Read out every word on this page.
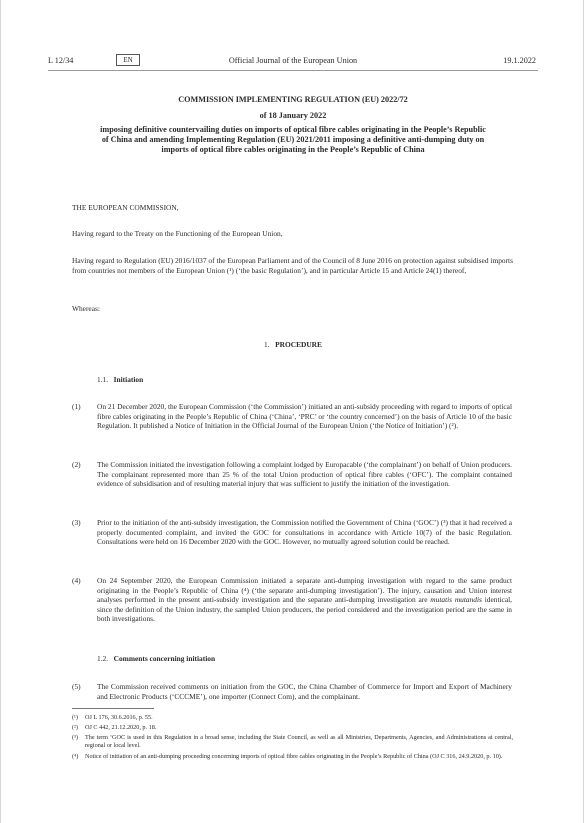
L 12/34	EN	Official Journal of the European Union	19.1.2022
COMMISSION IMPLEMENTING REGULATION (EU) 2022/72
of 18 January 2022
imposing definitive countervailing duties on imports of optical fibre cables originating in the People’s Republic of China and amending Implementing Regulation (EU) 2021/2011 imposing a definitive anti-dumping duty on imports of optical fibre cables originating in the People’s Republic of China
THE EUROPEAN COMMISSION,
Having regard to the Treaty on the Functioning of the European Union,
Having regard to Regulation (EU) 2016/1037 of the European Parliament and of the Council of 8 June 2016 on protection against subsidised imports from countries not members of the European Union (¹) (‘the basic Regulation’), and in particular Article 15 and Article 24(1) thereof,
Whereas:
1. PROCEDURE
1.1. Initiation
(1) On 21 December 2020, the European Commission (‘the Commission’) initiated an anti-subsidy proceeding with regard to imports of optical fibre cables originating in the People’s Republic of China (‘China’, ‘PRC’ or ‘the country concerned’) on the basis of Article 10 of the basic Regulation. It published a Notice of Initiation in the Official Journal of the European Union (‘the Notice of Initiation’) (²).
(2) The Commission initiated the investigation following a complaint lodged by Europacable (‘the complainant’) on behalf of Union producers. The complainant represented more than 25 % of the total Union production of optical fibre cables (‘OFC’). The complaint contained evidence of subsidisation and of resulting material injury that was sufficient to justify the initiation of the investigation.
(3) Prior to the initiation of the anti-subsidy investigation, the Commission notified the Government of China (‘GOC’) (³) that it had received a properly documented complaint, and invited the GOC for consultations in accordance with Article 10(7) of the basic Regulation. Consultations were held on 16 December 2020 with the GOC. However, no mutually agreed solution could be reached.
(4) On 24 September 2020, the European Commission initiated a separate anti-dumping investigation with regard to the same product originating in the People’s Republic of China (⁴) (‘the separate anti-dumping investigation’). The injury, causation and Union interest analyses performed in the present anti-subsidy investigation and the separate anti-dumping investigation are mutatis mutandis identical, since the definition of the Union industry, the sampled Union producers, the period considered and the investigation period are the same in both investigations.
1.2. Comments concerning initiation
(5) The Commission received comments on initiation from the GOC, the China Chamber of Commerce for Import and Export of Machinery and Electronic Products (‘CCCME’), one importer (Connect Com), and the complainant.
(¹) OJ L 176, 30.6.2016, p. 55.
(²) OJ C 442, 21.12.2020, p. 18.
(³) The term ‘GOC is used in this Regulation in a broad sense, including the State Council, as well as all Ministries, Departments, Agencies, and Administrations at central, regional or local level.
(⁴) Notice of initiation of an anti-dumping proceeding concerning imports of optical fibre cables originating in the People’s Republic of China (OJ C 316, 24.9.2020, p. 10).
